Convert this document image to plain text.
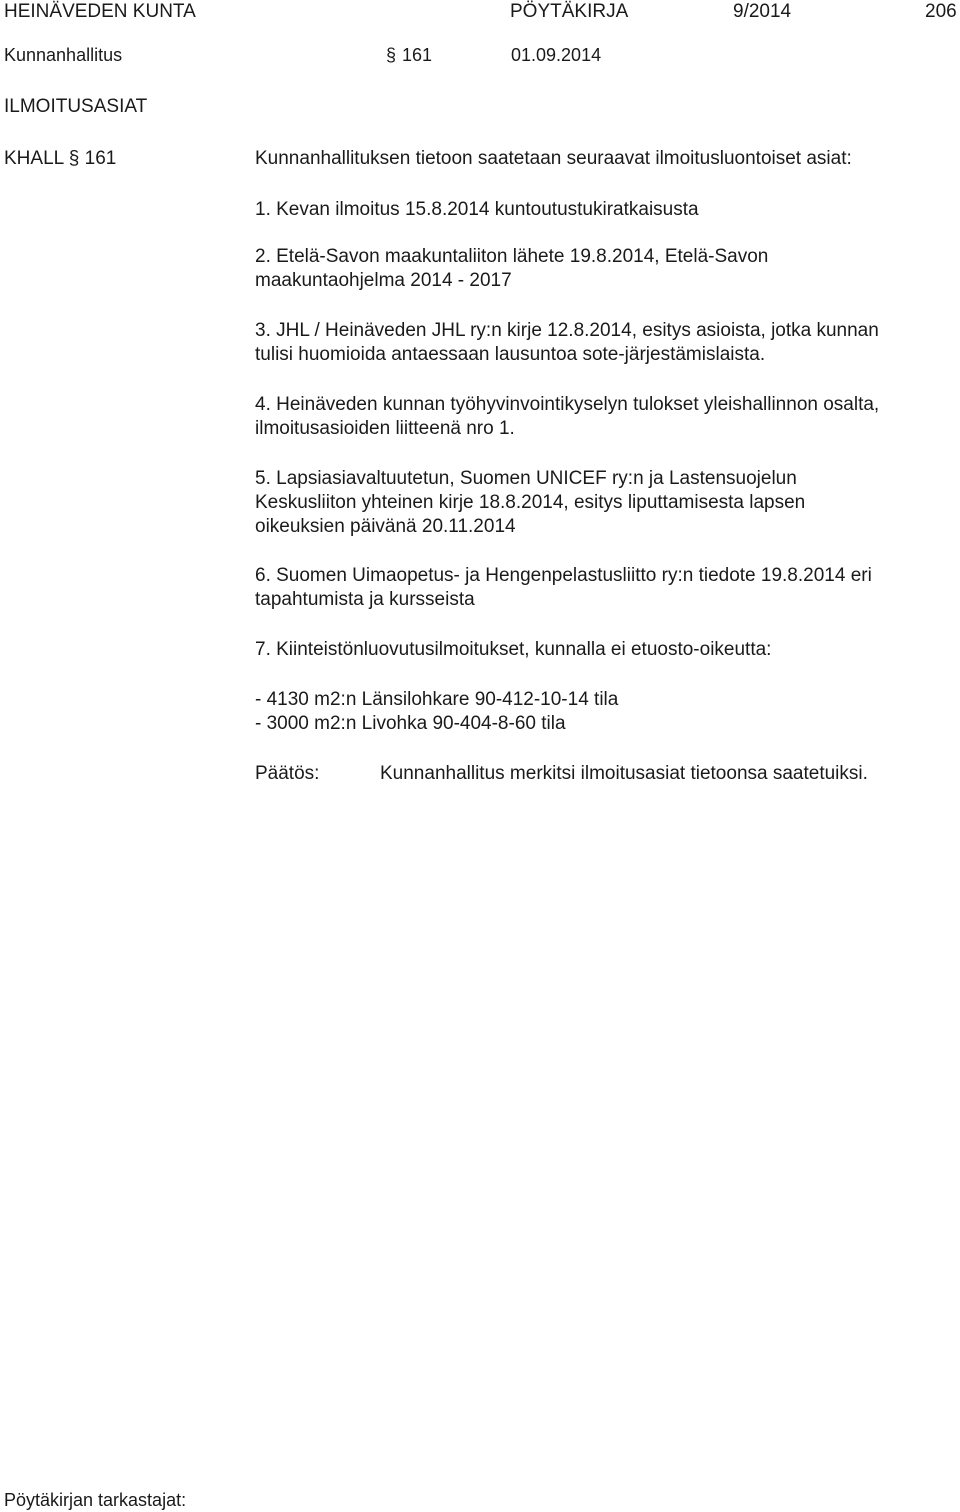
HEINÄVEDEN KUNTA	PÖYTÄKIRJA	9/2014	206
Kunnanhallitus	§ 161	01.09.2014
ILMOITUSASIAT
KHALL § 161	Kunnanhallituksen tietoon saatetaan seuraavat ilmoitusluontoiset asiat:

1. Kevan ilmoitus 15.8.2014 kuntoutustukiratkaisusta

2. Etelä-Savon maakuntaliiton lähete 19.8.2014, Etelä-Savon

maakuntaohjelma 2014 - 2017

3. JHL / Heinäveden JHL ry:n kirje 12.8.2014, esitys asioista, jotka kunnan

tulisi huomioida antaessaan lausuntoa sote-järjestämislaista.

4. Heinäveden kunnan työhyvinvointikyselyn tulokset yleishallinnon osalta,

ilmoitusasioiden liitteenä nro 1.

5. Lapsiasiavaltuutetun, Suomen UNICEF ry:n ja Lastensuojelun

Keskusliiton yhteinen kirje 18.8.2014, esitys liputtamisesta lapsen

oikeuksien päivänä 20.11.2014

6. Suomen Uimaopetus- ja Hengenpelastusliitto ry:n tiedote 19.8.2014 eri

tapahtumista ja kursseista

7. Kiinteistönluovutusilmoitukset, kunnalla ei etuosto-oikeutta:

- 4130 m2:n Länsilohkare 90-412-10-14 tila

- 3000 m2:n Livohka 90-404-8-60 tila

Päätös:	Kunnanhallitus merkitsi ilmoitusasiat tietoonsa saatetuiksi.
Pöytäkirjan tarkastajat:
